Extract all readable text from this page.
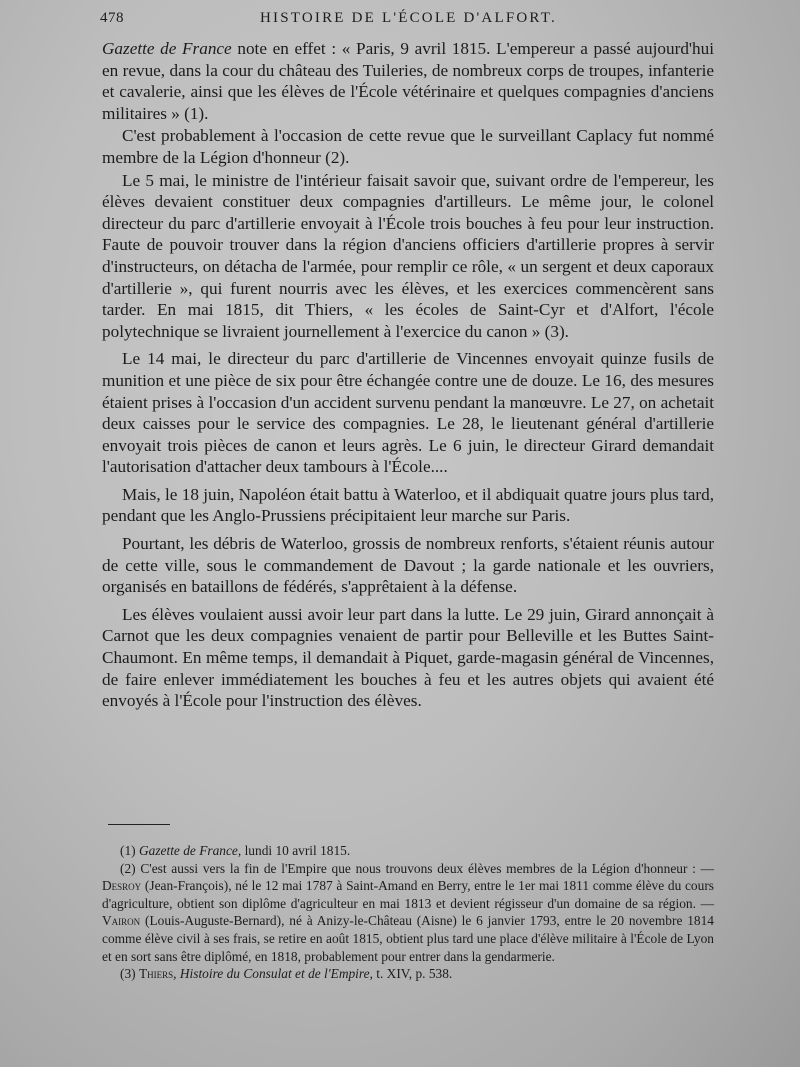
478	HISTOIRE DE L'ÉCOLE D'ALFORT.

Gazette de France note en effet : « Paris, 9 avril 1815. L'empereur a passé aujourd'hui en revue, dans la cour du château des Tuileries, de nombreux corps de troupes, infanterie et cavalerie, ainsi que les élèves de l'École vétérinaire et quelques compagnies d'anciens militaires » (1).

C'est probablement à l'occasion de cette revue que le surveillant Caplacy fut nommé membre de la Légion d'honneur (2).

Le 5 mai, le ministre de l'intérieur faisait savoir que, suivant ordre de l'empereur, les élèves devaient constituer deux compagnies d'artilleurs. Le même jour, le colonel directeur du parc d'artillerie envoyait à l'École trois bouches à feu pour leur instruction. Faute de pouvoir trouver dans la région d'anciens officiers d'artillerie propres à servir d'instructeurs, on détacha de l'armée, pour remplir ce rôle, « un sergent et deux caporaux d'artillerie », qui furent nourris avec les élèves, et les exercices commencèrent sans tarder. En mai 1815, dit Thiers, « les écoles de Saint-Cyr et d'Alfort, l'école polytechnique se livraient journellement à l'exercice du canon » (3).

Le 14 mai, le directeur du parc d'artillerie de Vincennes envoyait quinze fusils de munition et une pièce de six pour être échangée contre une de douze. Le 16, des mesures étaient prises à l'occasion d'un accident survenu pendant la manœuvre. Le 27, on achetait deux caisses pour le service des compagnies. Le 28, le lieutenant général d'artillerie envoyait trois pièces de canon et leurs agrès. Le 6 juin, le directeur Girard demandait l'autorisation d'attacher deux tambours à l'École....

Mais, le 18 juin, Napoléon était battu à Waterloo, et il abdiquait quatre jours plus tard, pendant que les Anglo-Prussiens précipitaient leur marche sur Paris.

Pourtant, les débris de Waterloo, grossis de nombreux renforts, s'étaient réunis autour de cette ville, sous le commandement de Davout ; la garde nationale et les ouvriers, organisés en bataillons de fédérés, s'apprêtaient à la défense.

Les élèves voulaient aussi avoir leur part dans la lutte. Le 29 juin, Girard annonçait à Carnot que les deux compagnies venaient de partir pour Belleville et les Buttes Saint-Chaumont. En même temps, il demandait à Piquet, garde-magasin général de Vincennes, de faire enlever immédiatement les bouches à feu et les autres objets qui avaient été envoyés à l'École pour l'instruction des élèves.

(1) Gazette de France, lundi 10 avril 1815.

(2) C'est aussi vers la fin de l'Empire que nous trouvons deux élèves membres de la Légion d'honneur : — Desroy (Jean-François), né le 12 mai 1787 à Saint-Amand en Berry, entre le 1er mai 1811 comme élève du cours d'agriculture, obtient son diplôme d'agriculteur en mai 1813 et devient régisseur d'un domaine de sa région. — Vairon (Louis-Auguste-Bernard), né à Anizy-le-Château (Aisne) le 6 janvier 1793, entre le 20 novembre 1814 comme élève civil à ses frais, se retire en août 1815, obtient plus tard une place d'élève militaire à l'École de Lyon et en sort sans être diplômé, en 1818, probablement pour entrer dans la gendarmerie.

(3) Thiers, Histoire du Consulat et de l'Empire, t. XIV, p. 538.
